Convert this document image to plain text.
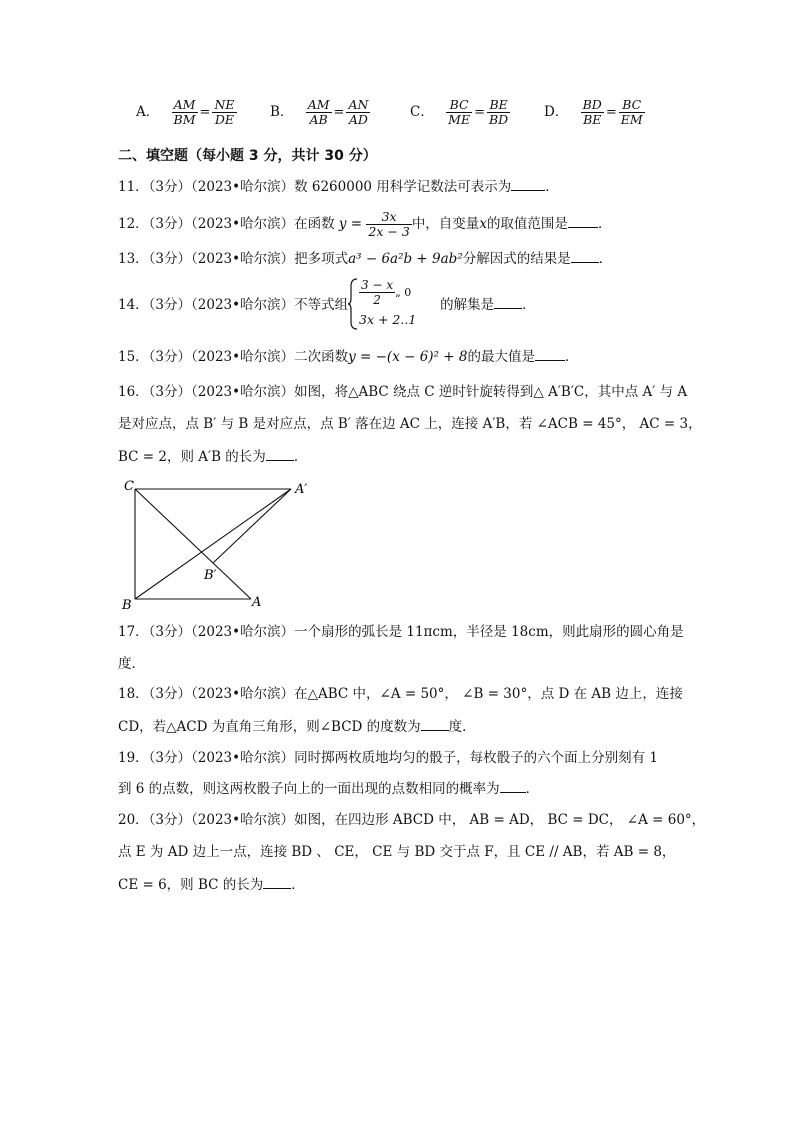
A． $\frac{AM}{BM} = \frac{NE}{DE}$ B． $\frac{AM}{AB} = \frac{AN}{AD}$	C． $\frac{BC}{ME} = \frac{BE}{BD}$	D． $\frac{BD}{BE} = \frac{BC}{EM}$
二、填空题（每小题 3 分，共计 30 分）
11．（3分）（2023•哈尔滨）数 6260000 用科学记数法可表示为	．
12．（3分）（2023•哈尔滨）在函数 $y = \frac{3x}{2x - 3}$ 中，自变量x的取值范围是 ．
13．（3分）（2023•哈尔滨）把多项式a³ − 6a²b + 9ab²分解因式的结果是 ．
14．（3分）（2023•哈尔滨）不等式组	的解集是 ．
$\frac{3 - x}{2}$ „ 0
3x + 2..1
15．（3分）（2023•哈尔滨）二次函数y = −(x − 6)² + 8的最大值是 ．
16．（3分）（2023•哈尔滨）如图，将△ABC 绕点 C 逆时针旋转得到△ A′B′C，其中点 A′ 与 A
是对应点，点 B′ 与 B 是对应点，点 B′ 落在边 AC 上，连接 A′B，若 ∠ACB = 45°， AC = 3，
BC = 2，则 A′B 的长为 ．
C	A′
B′
B	A
17．（3分）（2023•哈尔滨）一个扇形的弧长是 11πcm，半径是 18cm，则此扇形的圆心角是
度．
18．（3分）（2023•哈尔滨）在△ABC 中，∠A = 50°， ∠B = 30°，点 D 在 AB 边上，连接
CD，若△ACD 为直角三角形，则∠BCD 的度数为 度．
19．（3分）（2023•哈尔滨）同时掷两枚质地均匀的骰子，每枚骰子的六个面上分别刻有 1
到 6 的点数，则这两枚骰子向上的一面出现的点数相同的概率为 ．
20．（3分）（2023•哈尔滨）如图，在四边形 ABCD 中， AB = AD， BC = DC， ∠A = 60°，
点 E 为 AD 边上一点，连接 BD 、 CE， CE 与 BD 交于点 F，且 CE // AB，若 AB = 8，
CE = 6，则 BC 的长为 ．
